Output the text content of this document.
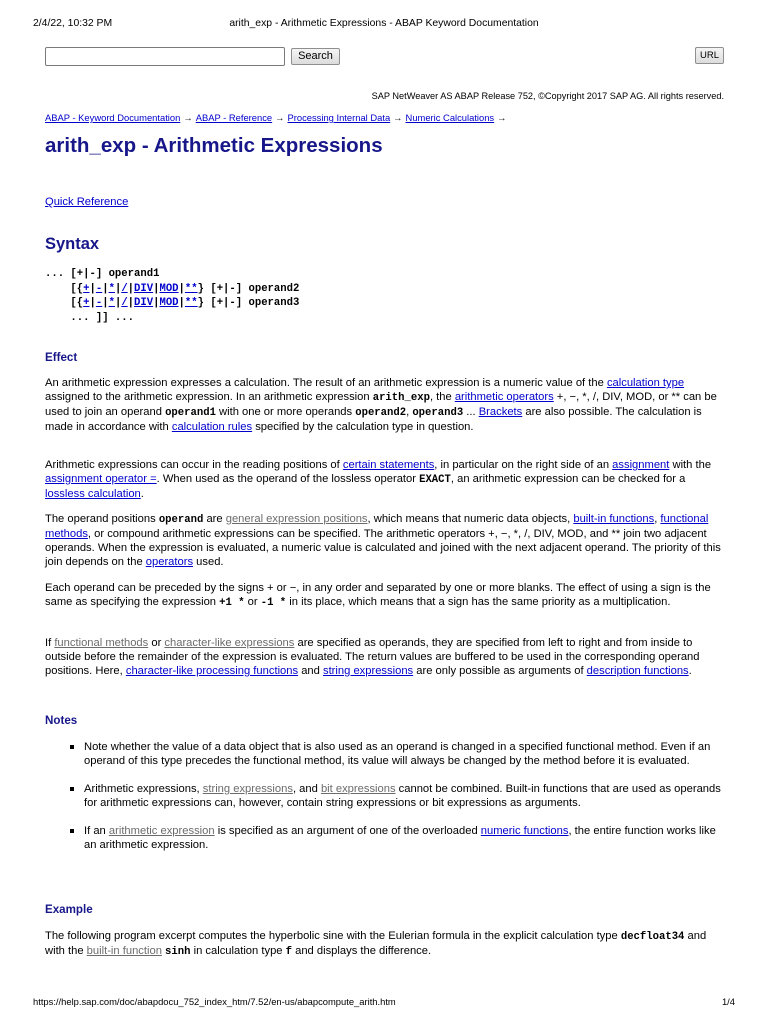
2/4/22, 10:32 PM	arith_exp - Arithmetic Expressions - ABAP Keyword Documentation
Search	URL
SAP NetWeaver AS ABAP Release 752, ©Copyright 2017 SAP AG. All rights reserved.
ABAP - Keyword Documentation → ABAP - Reference → Processing Internal Data → Numeric Calculations →
arith_exp - Arithmetic Expressions
Quick Reference
Syntax
... [+|-] operand1
[{+|-|*|/|DIV|MOD|**} [+|-] operand2
[{+|-|*|/|DIV|MOD|**} [+|-] operand3
... ]] ...
Effect

An arithmetic expression expresses a calculation. The result of an arithmetic expression is a numeric value of the calculation type assigned to the arithmetic expression. In an arithmetic expression arith_exp, the arithmetic operators +, −, *, /, DIV, MOD, or ** can be used to join an operand operand1 with one or more operands operand2, operand3 ... Brackets are also possible. The calculation is made in accordance with calculation rules specified by the calculation type in question.

Arithmetic expressions can occur in the reading positions of certain statements, in particular on the right side of an assignment with the assignment operator =. When used as the operand of the lossless operator EXACT, an arithmetic expression can be checked for a lossless calculation.

The operand positions operand are general expression positions, which means that numeric data objects, built-in functions, functional methods, or compound arithmetic expressions can be specified. The arithmetic operators +, −, *, /, DIV, MOD, and ** join two adjacent operands. When the expression is evaluated, a numeric value is calculated and joined with the next adjacent operand. The priority of this join depends on the operators used.

Each operand can be preceded by the signs + or −, in any order and separated by one or more blanks. The effect of using a sign is the same as specifying the expression +1 * or -1 * in its place, which means that a sign has the same priority as a multiplication.

If functional methods or character-like expressions are specified as operands, they are specified from left to right and from inside to outside before the remainder of the expression is evaluated. The return values are buffered to be used in the corresponding operand positions. Here, character-like processing functions and string expressions are only possible as arguments of description functions.

Notes
Note whether the value of a data object that is also used as an operand is changed in a specified functional method. Even if an operand of this type precedes the functional method, its value will always be changed by the method before it is evaluated.
Arithmetic expressions, string expressions, and bit expressions cannot be combined. Built-in functions that are used as operands for arithmetic expressions can, however, contain string expressions or bit expressions as arguments.
If an arithmetic expression is specified as an argument of one of the overloaded numeric functions, the entire function works like an arithmetic expression.
Example

The following program excerpt computes the hyperbolic sine with the Eulerian formula in the explicit calculation type decfloat34 and with the built-in function sinh in calculation type f and displays the difference.

https://help.sap.com/doc/abapdocu_752_index_htm/7.52/en-us/abapcompute_arith.htm	1/4
